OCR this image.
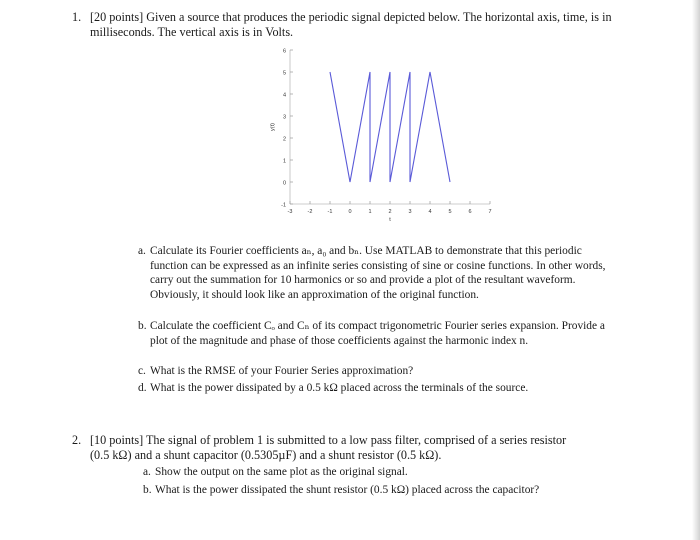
1. [20 points] Given a source that produces the periodic signal depicted below. The horizontal axis, time, is in milliseconds. The vertical axis is in Volts.
-1
0
1
2
3
4
5
6
-3	-2	-1	0	1	2	3	4	5	6	7
t
y(t)
a. Calculate its Fourier coefficients aₙ, a₀ and bₙ. Use MATLAB to demonstrate that this periodic function can be expressed as an infinite series consisting of sine or cosine functions. In other words, carry out the summation for 10 harmonics or so and provide a plot of the resultant waveform. Obviously, it should look like an approximation of the original function.
b. Calculate the coefficient Cₒ and Cₙ of its compact trigonometric Fourier series expansion. Provide a plot of the magnitude and phase of those coefficients against the harmonic index n.
c. What is the RMSE of your Fourier Series approximation?
d. What is the power dissipated by a 0.5 kΩ placed across the terminals of the source.
2. [10 points] The signal of problem 1 is submitted to a low pass filter, comprised of a series resistor (0.5 kΩ) and a shunt capacitor (0.5305µF) and a shunt resistor (0.5 kΩ).
a. Show the output on the same plot as the original signal.
b. What is the power dissipated the shunt resistor (0.5 kΩ) placed across the capacitor?
